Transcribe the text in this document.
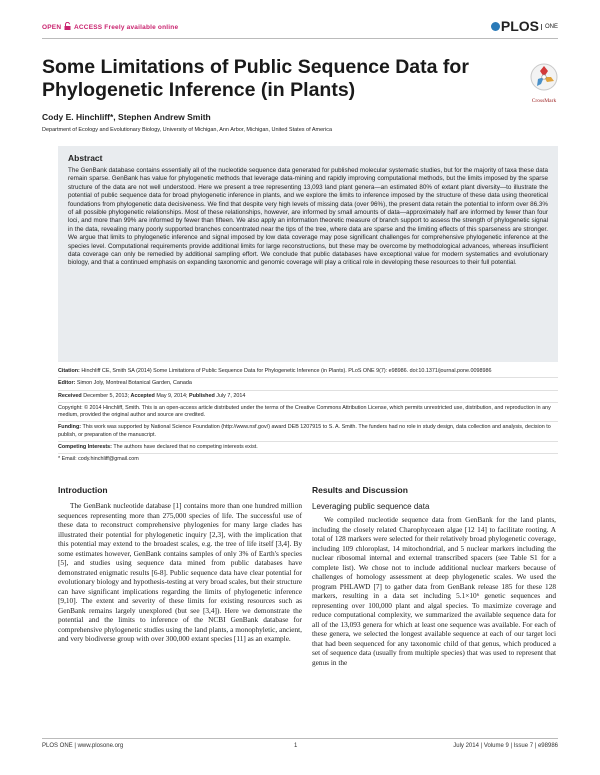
OPEN ACCESS Freely available online	PLOS $^{ONE}$
Some Limitations of Public Sequence Data for Phylogenetic Inference (in Plants)	CrossMark
Cody E. Hinchliff*, Stephen Andrew Smith
Department of Ecology and Evolutionary Biology, University of Michigan, Ann Arbor, Michigan, United States of America
Abstract

The GenBank database contains essentially all of the nucleotide sequence data generated for published molecular systematic studies, but for the majority of taxa these data remain sparse. GenBank has value for phylogenetic methods that leverage data-mining and rapidly improving computational methods, but the limits imposed by the sparse structure of the data are not well understood. Here we present a tree representing 13,093 land plant genera—an estimated 80% of extant plant diversity—to illustrate the potential of public sequence data for broad phylogenetic inference in plants, and we explore the limits to inference imposed by the structure of these data using theoretical foundations from phylogenetic data decisiveness. We find that despite very high levels of missing data (over 96%), the present data retain the potential to inform over 86.3% of all possible phylogenetic relationships. Most of these relationships, however, are informed by small amounts of data—approximately half are informed by fewer than four loci, and more than 99% are informed by fewer than fifteen. We also apply an information theoretic measure of branch support to assess the strength of phylogenetic signal in the data, revealing many poorly supported branches concentrated near the tips of the tree, where data are sparse and the limiting effects of this sparseness are stronger. We argue that limits to phylogenetic inference and signal imposed by low data coverage may pose significant challenges for comprehensive phylogenetic inference at the species level. Computational requirements provide additional limits for large reconstructions, but these may be overcome by methodological advances, whereas insufficient data coverage can only be remedied by additional sampling effort. We conclude that public databases have exceptional value for modern systematics and evolutionary biology, and that a continued emphasis on expanding taxonomic and genomic coverage will play a critical role in developing these resources to their full potential.

Citation: Hinchliff CE, Smith SA (2014) Some Limitations of Public Sequence Data for Phylogenetic Inference (in Plants). PLoS ONE 9(7): e98986. doi:10.1371/journal.pone.0098986
Editor: Simon Joly, Montreal Botanical Garden, Canada
Received December 5, 2013; Accepted May 9, 2014; Published July 7, 2014
Copyright: © 2014 Hinchliff, Smith. This is an open-access article distributed under the terms of the Creative Commons Attribution License, which permits unrestricted use, distribution, and reproduction in any medium, provided the original author and source are credited.
Funding: This work was supported by National Science Foundation (http://www.nsf.gov/) award DEB 1207915 to S. A. Smith. The funders had no role in study design, data collection and analysis, decision to publish, or preparation of the manuscript.
Competing Interests: The authors have declared that no competing interests exist.
* Email: cody.hinchliff@gmail.com
Introduction

The GenBank nucleotide database [1] contains more than one hundred million sequences representing more than 275,000 species of life. The successful use of these data to reconstruct comprehensive phylogenies for many large clades has illustrated their potential for phylogenetic inquiry [2,3], with the implication that this potential may extend to the broadest scales, e.g. the tree of life itself [3,4]. By some estimates however, GenBank contains samples of only 3% of Earth's species [5], and studies using sequence data mined from public databases have demonstrated enigmatic results [6-8]. Public sequence data have clear potential for evolutionary biology and hypothesis-testing at very broad scales, but their structure can have significant implications regarding the limits of phylogenetic inference [9,10]. The extent and severity of these limits for existing resources such as GenBank remains largely unexplored (but see [3,4]). Here we demonstrate the potential and the limits to inference of the NCBI GenBank database for comprehensive phylogenetic studies using the land plants, a monophyletic, ancient, and very biodiverse group with over 300,000 extant species [11] as an example.

Results and Discussion
Leveraging public sequence data

We compiled nucleotide sequence data from GenBank for the land plants, including the closely related Charophyceaen algae [12 14] to facilitate rooting. A total of 128 markers were selected for their relatively broad phylogenetic coverage, including 109 chloroplast, 14 mitochondrial, and 5 nuclear markers including the nuclear ribosomal internal and external transcribed spacers (see Table S1 for a complete list). We chose not to include additional nuclear markers because of challenges of homology assessment at deep phylogenetic scales. We used the program PHLAWD [7] to gather data from GenBank release 185 for these 128 markers, resulting in a data set including 5.1×10⁶ genetic sequences and representing over 100,000 plant and algal species. To maximize coverage and reduce computational complexity, we summarized the available sequence data for all of the 13,093 genera for which at least one sequence was available. For each of these genera, we selected the longest available sequence at each of our target loci that had been sequenced for any taxonomic child of that genus, which produced a set of sequence data (usually from multiple species) that was used to represent that genus in the

PLOS ONE | www.plosone.org	1	July 2014 | Volume 9 | Issue 7 | e98986
